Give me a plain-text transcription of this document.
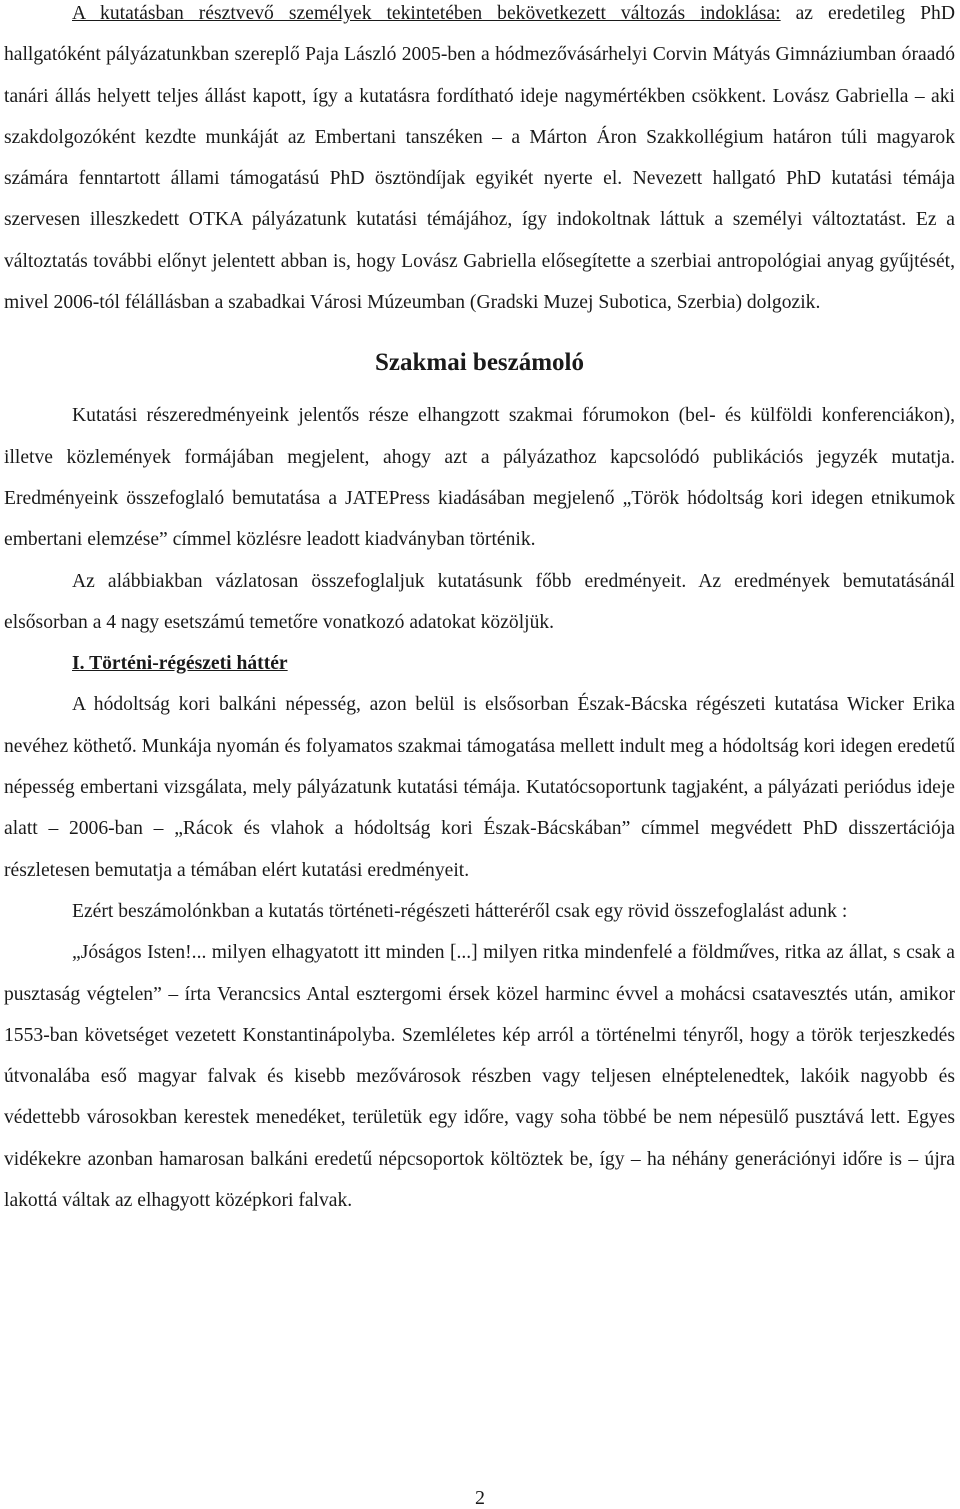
A kutatásban résztvevő személyek tekintetében bekövetkezett változás indoklása: az eredetileg PhD hallgatóként pályázatunkban szereplő Paja László 2005-ben a hódmezővásárhelyi Corvin Mátyás Gimnáziumban óraadó tanári állás helyett teljes állást kapott, így a kutatásra fordítható ideje nagymértékben csökkent. Lovász Gabriella – aki szakdolgozóként kezdte munkáját az Embertani tanszéken – a Márton Áron Szakkollégium határon túli magyarok számára fenntartott állami támogatású PhD ösztöndíjak egyikét nyerte el. Nevezett hallgató PhD kutatási témája szervesen illeszkedett OTKA pályázatunk kutatási témájához, így indokoltnak láttuk a személyi változtatást. Ez a változtatás további előnyt jelentett abban is, hogy Lovász Gabriella elősegítette a szerbiai antropológiai anyag gyűjtését, mivel 2006-tól félállásban a szabadkai Városi Múzeumban (Gradski Muzej Subotica, Szerbia) dolgozik.

Szakmai beszámoló

Kutatási részeredményeink jelentős része elhangzott szakmai fórumokon (bel- és külföldi konferenciákon), illetve közlemények formájában megjelent, ahogy azt a pályázathoz kapcsolódó publikációs jegyzék mutatja. Eredményeink összefoglaló bemutatása a JATEPress kiadásában megjelenő „Török hódoltság kori idegen etnikumok embertani elemzése” címmel közlésre leadott kiadványban történik.

Az alábbiakban vázlatosan összefoglaljuk kutatásunk főbb eredményeit. Az eredmények bemutatásánál elsősorban a 4 nagy esetszámú temetőre vonatkozó adatokat közöljük.

I. Történi-régészeti háttér

A hódoltság kori balkáni népesség, azon belül is elsősorban Észak-Bácska régészeti kutatása Wicker Erika nevéhez köthető. Munkája nyomán és folyamatos szakmai támogatása mellett indult meg a hódoltság kori idegen eredetű népesség embertani vizsgálata, mely pályázatunk kutatási témája. Kutatócsoportunk tagjaként, a pályázati periódus ideje alatt – 2006-ban – „Rácok és vlahok a hódoltság kori Észak-Bácskában” címmel megvédett PhD disszertációja részletesen bemutatja a témában elért kutatási eredményeit.

Ezért beszámolónkban a kutatás történeti-régészeti hátteréről csak egy rövid összefoglalást adunk :

„Jóságos Isten!... milyen elhagyatott itt minden [...] milyen ritka mindenfelé a földműves, ritka az állat, s csak a pusztaság végtelen” – írta Verancsics Antal esztergomi érsek közel harminc évvel a mohácsi csatavesztés után, amikor 1553-ban követséget vezetett Konstantinápolyba. Szemléletes kép arról a történelmi tényről, hogy a török terjeszkedés útvonalába eső magyar falvak és kisebb mezővárosok részben vagy teljesen elnéptelenedtek, lakóik nagyobb és védettebb városokban kerestek menedéket, területük egy időre, vagy soha többé be nem népesülő pusztává lett. Egyes vidékekre azonban hamarosan balkáni eredetű népcsoportok költöztek be, így – ha néhány generációnyi időre is – újra lakottá váltak az elhagyott középkori falvak.

2
